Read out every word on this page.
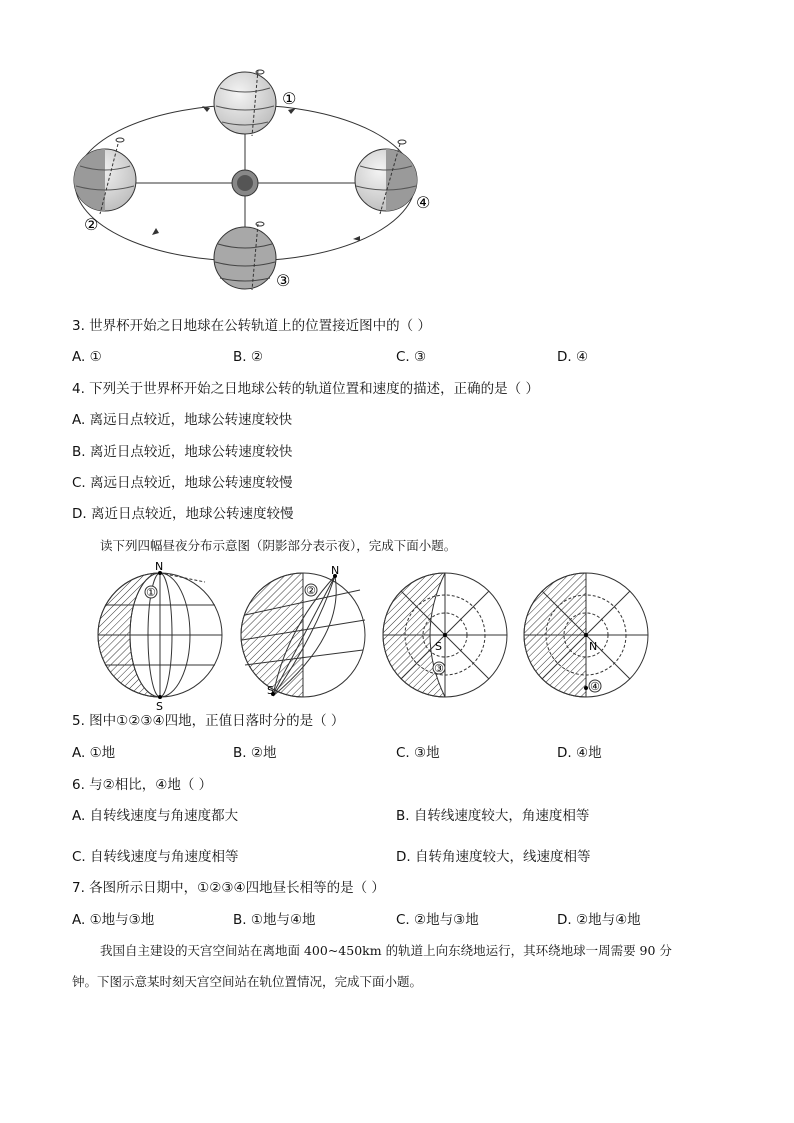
①
②
③
④
3. 世界杯开始之日地球在公转轨道上的位置接近图中的（ ）
A. ①	B. ②	C. ③	D. ④
4. 下列关于世界杯开始之日地球公转的轨道位置和速度的描述，正确的是（ ）
A. 离远日点较近，地球公转速度较快
B. 离近日点较近，地球公转速度较快
C. 离远日点较近，地球公转速度较慢
D. 离近日点较近，地球公转速度较慢
读下列四幅昼夜分布示意图（阴影部分表示夜），完成下面小题。
N
S
①
N
S
②
S
③
N
④
5. 图中①②③④四地，正值日落时分的是（ ）
A. ①地	B. ②地	C. ③地	D. ④地
6. 与②相比，④地（ ）
A. 自转线速度与角速度都大	B. 自转线速度较大，角速度相等
C. 自转线速度与角速度相等	D. 自转角速度较大，线速度相等
7. 各图所示日期中，①②③④四地昼长相等的是（ ）
A. ①地与③地	B. ①地与④地	C. ②地与③地	D. ②地与④地
我国自主建设的天宫空间站在离地面 400~450km 的轨道上向东绕地运行，其环绕地球一周需要 90 分
钟。下图示意某时刻天宫空间站在轨位置情况，完成下面小题。
